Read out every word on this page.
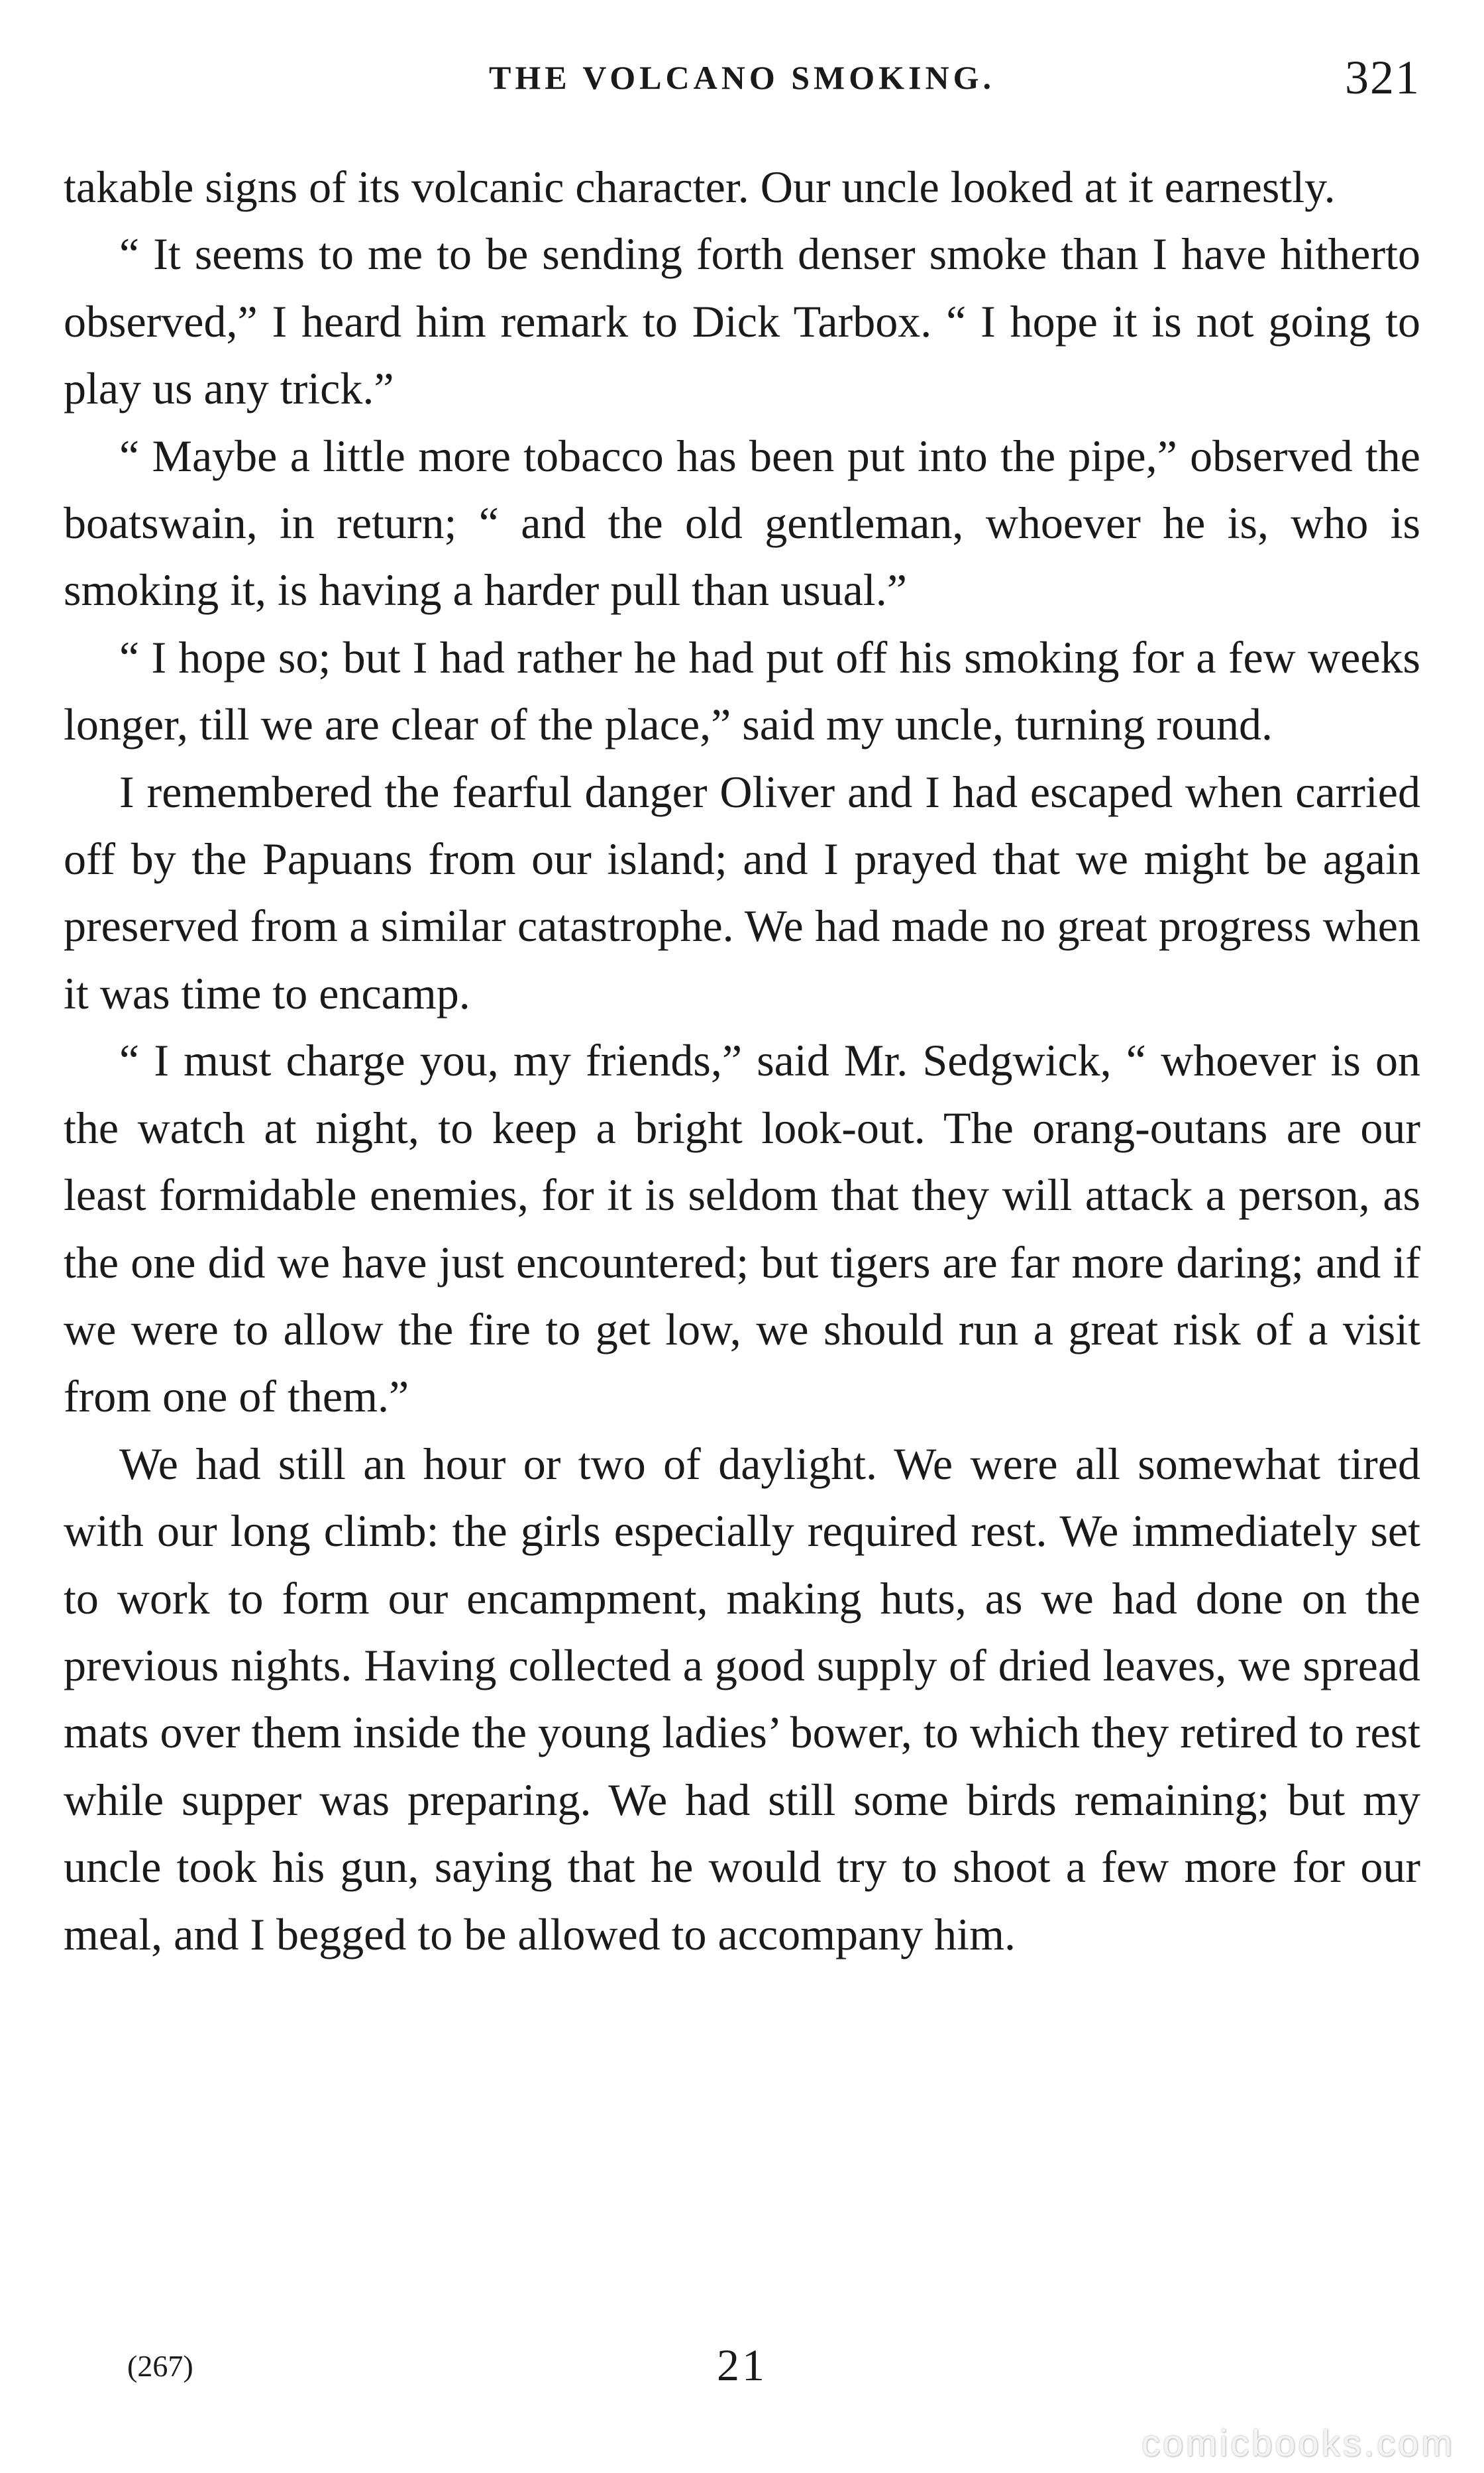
THE VOLCANO SMOKING.	321

takable signs of its volcanic character. Our uncle looked at it earnestly.

“ It seems to me to be sending forth denser smoke than I have hitherto observed,” I heard him remark to Dick Tarbox. “ I hope it is not going to play us any trick.”

“ Maybe a little more tobacco has been put into the pipe,” observed the boatswain, in return; “ and the old gentleman, whoever he is, who is smoking it, is having a harder pull than usual.”

“ I hope so; but I had rather he had put off his smoking for a few weeks longer, till we are clear of the place,” said my uncle, turning round.

I remembered the fearful danger Oliver and I had escaped when carried off by the Papuans from our island; and I prayed that we might be again preserved from a similar catastrophe. We had made no great progress when it was time to encamp.

“ I must charge you, my friends,” said Mr. Sedgwick, “ whoever is on the watch at night, to keep a bright look-out. The orang-outans are our least formidable enemies, for it is seldom that they will attack a person, as the one did we have just encountered; but tigers are far more daring; and if we were to allow the fire to get low, we should run a great risk of a visit from one of them.”

We had still an hour or two of daylight. We were all somewhat tired with our long climb: the girls especially required rest. We immediately set to work to form our encampment, making huts, as we had done on the previous nights. Having collected a good supply of dried leaves, we spread mats over them inside the young ladies’ bower, to which they retired to rest while supper was preparing. We had still some birds remaining; but my uncle took his gun, saying that he would try to shoot a few more for our meal, and I begged to be allowed to accompany him.

(267)	21
comicbooks.com
